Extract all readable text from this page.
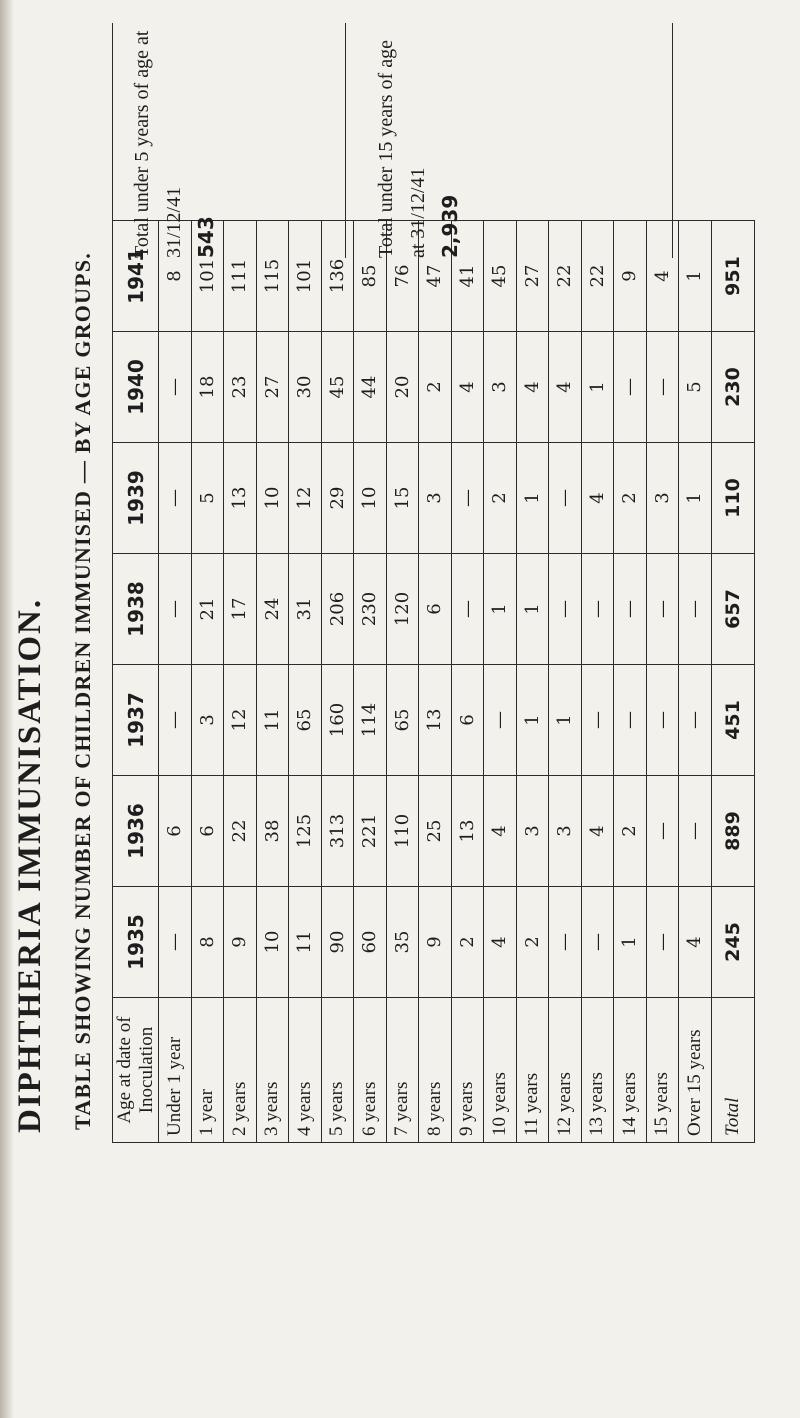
DIPHTHERIA IMMUNISATION. TABLE SHOWING NUMBER OF CHILDREN IMMUNISED — BY AGE GROUPS. Age at date of Inoculation	1935	1936	1937	1938	1939	1940	1941
Under 1 year	—	6	—	—	—	—	8
1 year	8	6	3	21	5	18	101
2 years	9	22	12	17	13	23	111
3 years	10	38	11	24	10	27	115
4 years	11	125	65	31	12	30	101
5 years	90	313	160	206	29	45	136
6 years	60	221	114	230	10	44	85
7 years	35	110	65	120	15	20	76
8 years	9	25	13	6	3	2	47
9 years	2	13	6	—	—	4	41
10 years	4	4	—	1	2	3	45
11 years	2	3	1	1	1	4	27
12 years	—	3	1	—	—	4	22
13 years	—	4	—	—	4	1	22
14 years	1	2	—	—	2	—	9
15 years	—	—	—	—	3	—	4
Over 15 years	4	—	—	—	1	5	1
Total	245	889	451	657	110	230	951
Total under 5 years of age at 31/12/41 543	Total under 15 years of age at 31/12/41 2,939
